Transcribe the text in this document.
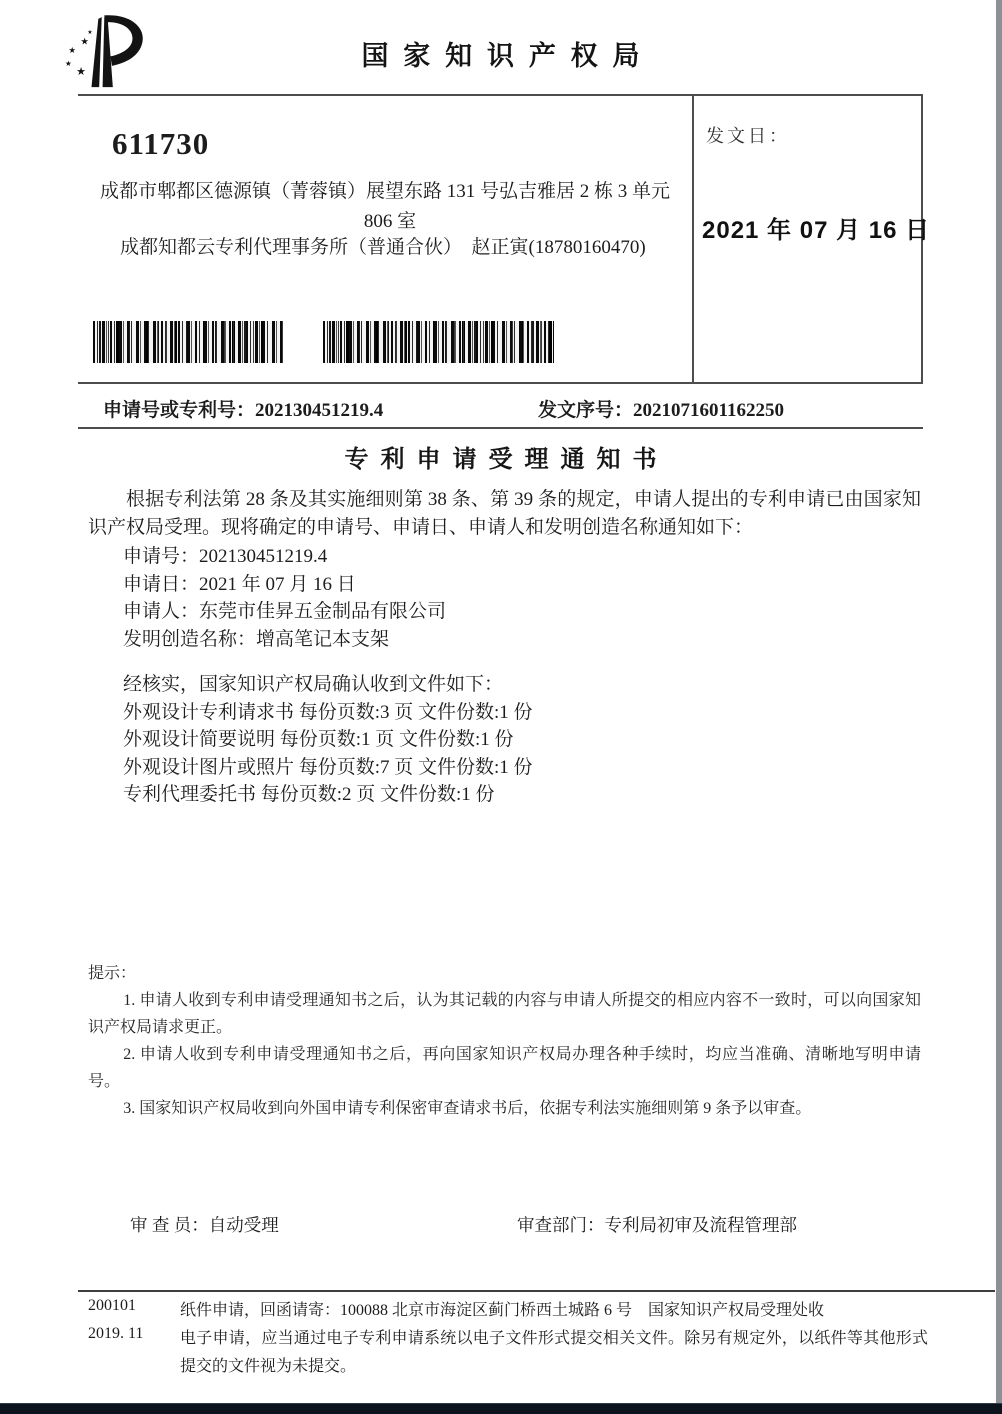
★
★
★
★
★
国家知识产权局
611730
成都市郫都区德源镇（菁蓉镇）展望东路 131 号弘吉雅居 2 栋 3 单元
806 室
成都知都云专利代理事务所（普通合伙）　赵正寅(18780160470)
发文日：
2021 年 07 月 16 日
申请号或专利号：202130451219.4	发文序号：2021071601162250
专利申请受理通知书
根据专利法第 28 条及其实施细则第 38 条、第 39 条的规定，申请人提出的专利申请已由国家知识产权局受理。现将确定的申请号、申请日、申请人和发明创造名称通知如下：
申请号：202130451219.4
申请日：2021 年 07 月 16 日
申请人：东莞市佳昇五金制品有限公司
发明创造名称：增高笔记本支架
经核实，国家知识产权局确认收到文件如下：
外观设计专利请求书 每份页数:3 页 文件份数:1 份
外观设计简要说明 每份页数:1 页 文件份数:1 份
外观设计图片或照片 每份页数:7 页 文件份数:1 份
专利代理委托书 每份页数:2 页 文件份数:1 份
提示：

1. 申请人收到专利申请受理通知书之后，认为其记载的内容与申请人所提交的相应内容不一致时，可以向国家知识产权局请求更正。

2. 申请人收到专利申请受理通知书之后，再向国家知识产权局办理各种手续时，均应当准确、清晰地写明申请号。

3. 国家知识产权局收到向外国申请专利保密审查请求书后，依据专利法实施细则第 9 条予以审查。

审 查 员：自动受理	审查部门：专利局初审及流程管理部
200101
2019. 11

纸件申请，回函请寄：100088 北京市海淀区蓟门桥西土城路 6 号　国家知识产权局受理处收

电子申请，应当通过电子专利申请系统以电子文件形式提交相关文件。除另有规定外，以纸件等其他形式提交的文件视为未提交。
